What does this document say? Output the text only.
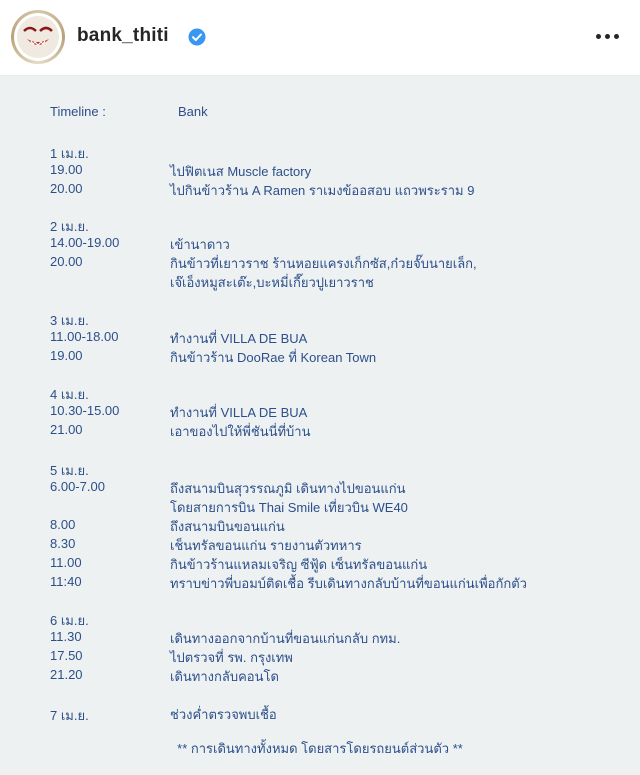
bank_thiti
Timeline :	Bank
1 เม.ย.
19.00	ไปฟิตเนส Muscle factory
20.00	ไปกินข้าวร้าน A Ramen ราเมงข้ออสอบ แถวพระราม 9
2 เม.ย.
14.00-19.00	เข้านาดาว
20.00	กินข้าวที่เยาวราช ร้านหอยแครงเก็กซัส,ก๋วยจั๊บนายเล็ก,
เจ๊เอ็งหมูสะเต๊ะ,บะหมี่เกี๊ยวปูเยาวราช
3 เม.ย.
11.00-18.00	ทำงานที่ VILLA DE BUA
19.00	กินข้าวร้าน DooRae ที่ Korean Town
4 เม.ย.
10.30-15.00	ทำงานที่ VILLA DE BUA
21.00	เอาของไปให้พี่ชันนี่ที่บ้าน
5 เม.ย.
6.00-7.00	ถึงสนามบินสุวรรณภูมิ เดินทางไปขอนแก่น
โดยสายการบิน Thai Smile เที่ยวบิน WE40
8.00	ถึงสนามบินขอนแก่น
8.30	เช็นทรัลขอนแก่น รายงานตัวทหาร
11.00	กินข้าวร้านแหลมเจริญ ซีฟู้ด เซ็นทรัลขอนแก่น
11:40	ทราบข่าวพี่บอมบ์ติดเชื้อ รีบเดินทางกลับบ้านที่ขอนแก่นเพื่อกักตัว
6 เม.ย.
11.30	เดินทางออกจากบ้านที่ขอนแก่นกลับ กทม.
17.50	ไปตรวจที่ รพ. กรุงเทพ
21.20	เดินทางกลับคอนโด
7 เม.ย.	ช่วงค่ำตรวจพบเชื้อ
** การเดินทางทั้งหมด โดยสารโดยรถยนต์ส่วนตัว **
